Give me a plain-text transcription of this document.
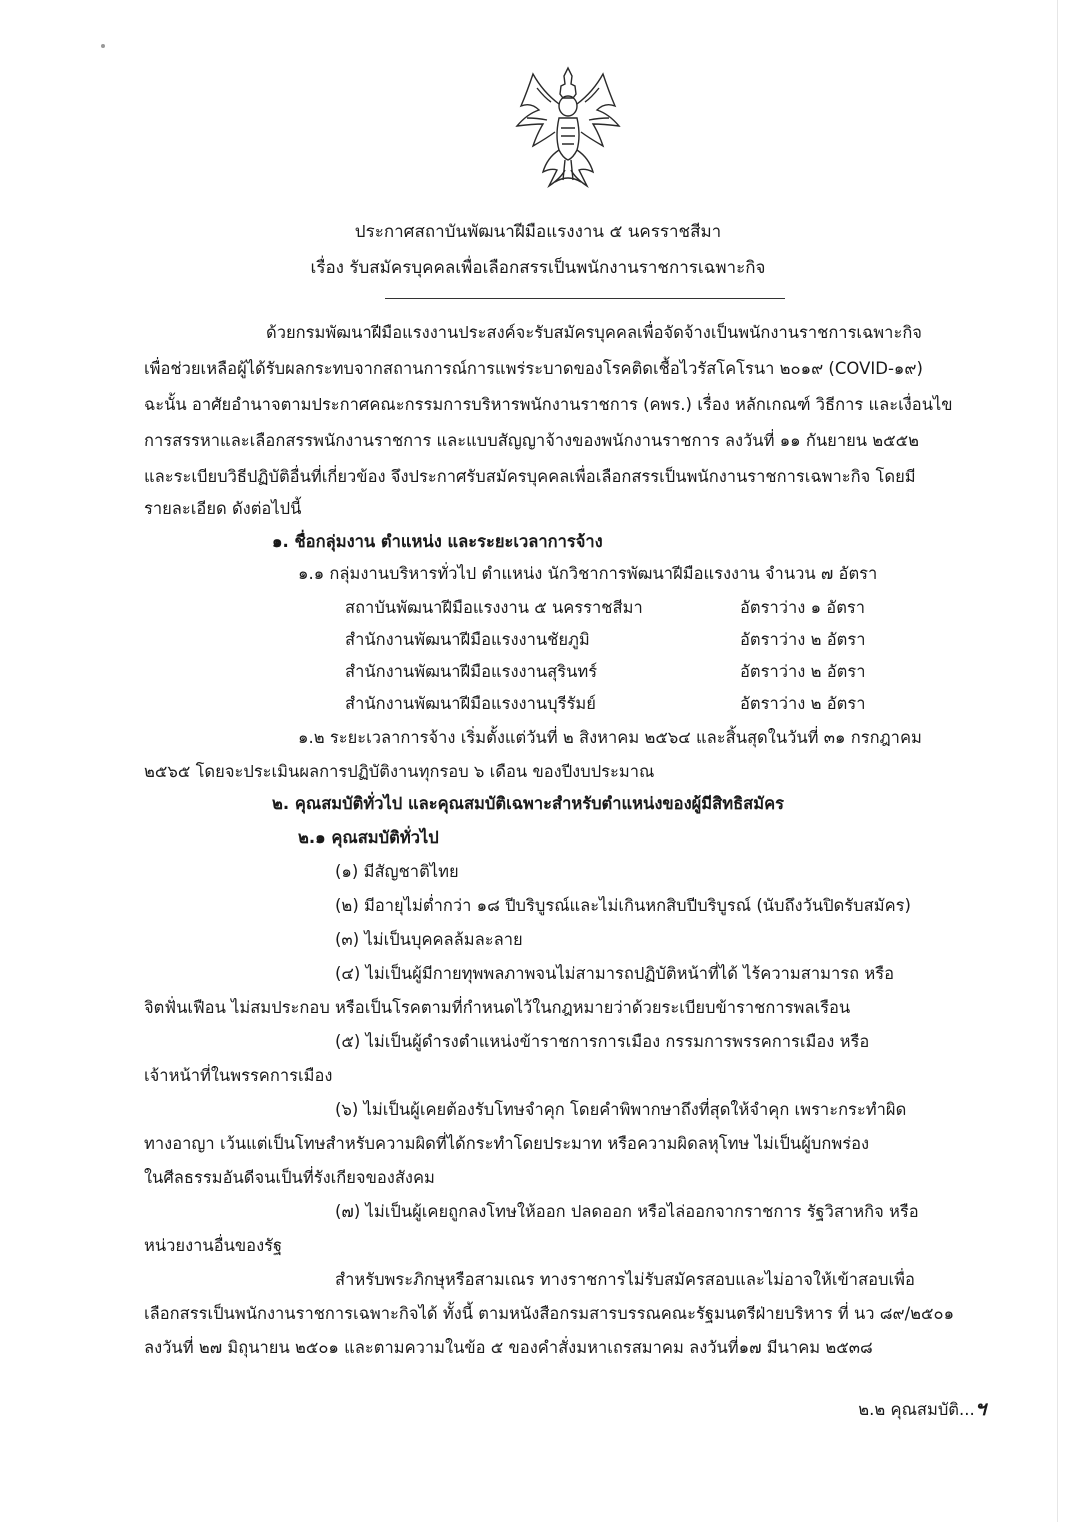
ประกาศสถาบันพัฒนาฝีมือแรงงาน ๕ นครราชสีมา
เรื่อง รับสมัครบุคคลเพื่อเลือกสรรเป็นพนักงานราชการเฉพาะกิจ
ด้วยกรมพัฒนาฝีมือแรงงานประสงค์จะรับสมัครบุคคลเพื่อจัดจ้างเป็นพนักงานราชการเฉพาะกิจ
เพื่อช่วยเหลือผู้ได้รับผลกระทบจากสถานการณ์การแพร่ระบาดของโรคติดเชื้อไวรัสโคโรนา ๒๐๑๙ (COVID-๑๙)
ฉะนั้น อาศัยอำนาจตามประกาศคณะกรรมการบริหารพนักงานราชการ (คพร.) เรื่อง หลักเกณฑ์ วิธีการ และเงื่อนไข
การสรรหาและเลือกสรรพนักงานราชการ และแบบสัญญาจ้างของพนักงานราชการ ลงวันที่ ๑๑ กันยายน ๒๕๕๒
และระเบียบวิธีปฏิบัติอื่นที่เกี่ยวข้อง จึงประกาศรับสมัครบุคคลเพื่อเลือกสรรเป็นพนักงานราชการเฉพาะกิจ โดยมี
รายละเอียด ดังต่อไปนี้
๑. ชื่อกลุ่มงาน ตำแหน่ง และระยะเวลาการจ้าง
๑.๑ กลุ่มงานบริหารทั่วไป ตำแหน่ง นักวิชาการพัฒนาฝีมือแรงงาน จำนวน ๗ อัตรา
สถาบันพัฒนาฝีมือแรงงาน ๕ นครราชสีมา	อัตราว่าง ๑ อัตรา
สำนักงานพัฒนาฝีมือแรงงานชัยภูมิ	อัตราว่าง ๒ อัตรา
สำนักงานพัฒนาฝีมือแรงงานสุรินทร์	อัตราว่าง ๒ อัตรา
สำนักงานพัฒนาฝีมือแรงงานบุรีรัมย์	อัตราว่าง ๒ อัตรา
๑.๒ ระยะเวลาการจ้าง เริ่มตั้งแต่วันที่ ๒ สิงหาคม ๒๕๖๔ และสิ้นสุดในวันที่ ๓๑ กรกฎาคม
๒๕๖๕ โดยจะประเมินผลการปฏิบัติงานทุกรอบ ๖ เดือน ของปีงบประมาณ
๒. คุณสมบัติทั่วไป และคุณสมบัติเฉพาะสำหรับตำแหน่งของผู้มีสิทธิสมัคร
๒.๑ คุณสมบัติทั่วไป
(๑) มีสัญชาติไทย
(๒) มีอายุไม่ต่ำกว่า ๑๘ ปีบริบูรณ์และไม่เกินหกสิบปีบริบูรณ์ (นับถึงวันปิดรับสมัคร)
(๓) ไม่เป็นบุคคลล้มละลาย
(๔) ไม่เป็นผู้มีกายทุพพลภาพจนไม่สามารถปฏิบัติหน้าที่ได้ ไร้ความสามารถ หรือ
จิตฟั่นเฟือน ไม่สมประกอบ หรือเป็นโรคตามที่กำหนดไว้ในกฎหมายว่าด้วยระเบียบข้าราชการพลเรือน
(๕) ไม่เป็นผู้ดำรงตำแหน่งข้าราชการการเมือง กรรมการพรรคการเมือง หรือ
เจ้าหน้าที่ในพรรคการเมือง
(๖) ไม่เป็นผู้เคยต้องรับโทษจำคุก โดยคำพิพากษาถึงที่สุดให้จำคุก เพราะกระทำผิด
ทางอาญา เว้นแต่เป็นโทษสำหรับความผิดที่ได้กระทำโดยประมาท หรือความผิดลหุโทษ ไม่เป็นผู้บกพร่อง
ในศีลธรรมอันดีจนเป็นที่รังเกียจของสังคม
(๗) ไม่เป็นผู้เคยถูกลงโทษให้ออก ปลดออก หรือไล่ออกจากราชการ รัฐวิสาหกิจ หรือ
หน่วยงานอื่นของรัฐ
สำหรับพระภิกษุหรือสามเณร ทางราชการไม่รับสมัครสอบและไม่อาจให้เข้าสอบเพื่อ
เลือกสรรเป็นพนักงานราชการเฉพาะกิจได้ ทั้งนี้ ตามหนังสือกรมสารบรรณคณะรัฐมนตรีฝ่ายบริหาร ที่ นว ๘๙/๒๕๐๑
ลงวันที่ ๒๗ มิถุนายน ๒๕๐๑ และตามความในข้อ ๕ ของคำสั่งมหาเถรสมาคม ลงวันที่๑๗ มีนาคม ๒๕๓๘
๒.๒ คุณสมบัติ...ฯ
